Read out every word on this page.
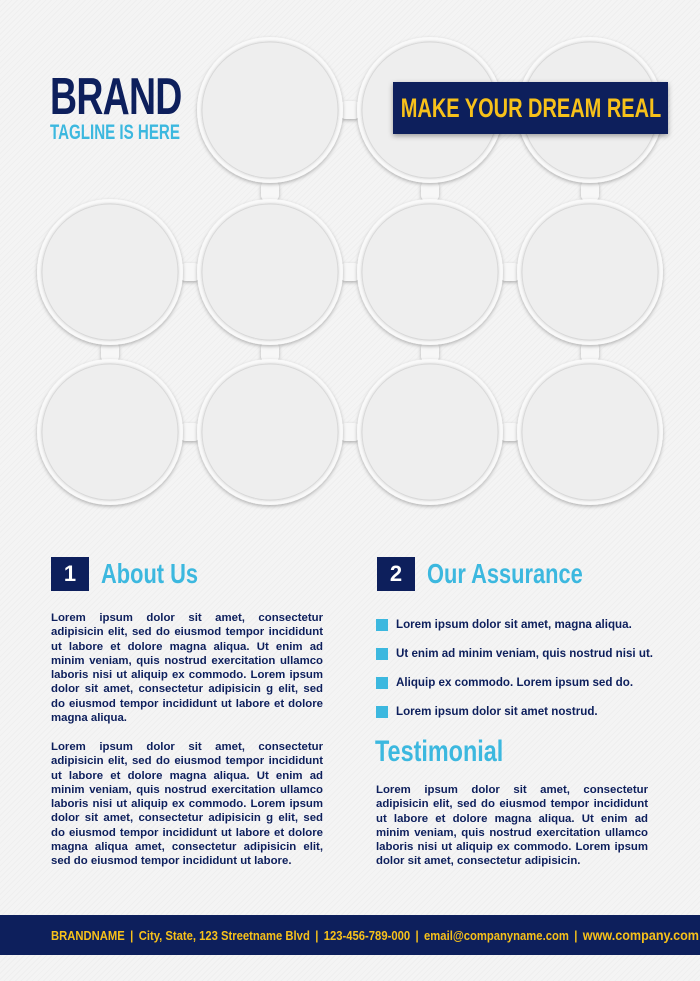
BRAND
TAGLINE IS HERE
MAKE YOUR DREAM REAL
1 About Us

Lorem ipsum dolor sit amet, consectetur adipisicin elit, sed do eiusmod tempor incididunt ut labore et dolore magna aliqua. Ut enim ad minim veniam, quis nostrud exercitation ullamco laboris nisi ut aliquip ex commodo. Lorem ipsum dolor sit amet, consectetur adipisicin g elit, sed do eiusmod tempor incididunt ut labore et dolore magna aliqua.

Lorem ipsum dolor sit amet, consectetur adipisicin elit, sed do eiusmod tempor incididunt ut labore et dolore magna aliqua. Ut enim ad minim veniam, quis nostrud exercitation ullamco laboris nisi ut aliquip ex commodo. Lorem ipsum dolor sit amet, consectetur adipisicin g elit, sed do eiusmod tempor incididunt ut labore et dolore magna aliqua amet, consectetur adipisicin elit, sed do eiusmod tempor incididunt ut labore.

2 Our Assurance
Lorem ipsum dolor sit amet, magna aliqua.
Ut enim ad minim veniam, quis nostrud nisi ut.
Aliquip ex commodo. Lorem ipsum sed do.
Lorem ipsum dolor sit amet nostrud.
Testimonial

Lorem ipsum dolor sit amet, consectetur adipisicin elit, sed do eiusmod tempor incididunt ut labore et dolore magna aliqua. Ut enim ad minim veniam, quis nostrud exercitation ullamco laboris nisi ut aliquip ex commodo. Lorem ipsum dolor sit amet, consectetur adipisicin.

BRANDNAME | City, State, 123 Streetname Blvd | 123-456-789-000 | email@companyname.com | www.company.com
